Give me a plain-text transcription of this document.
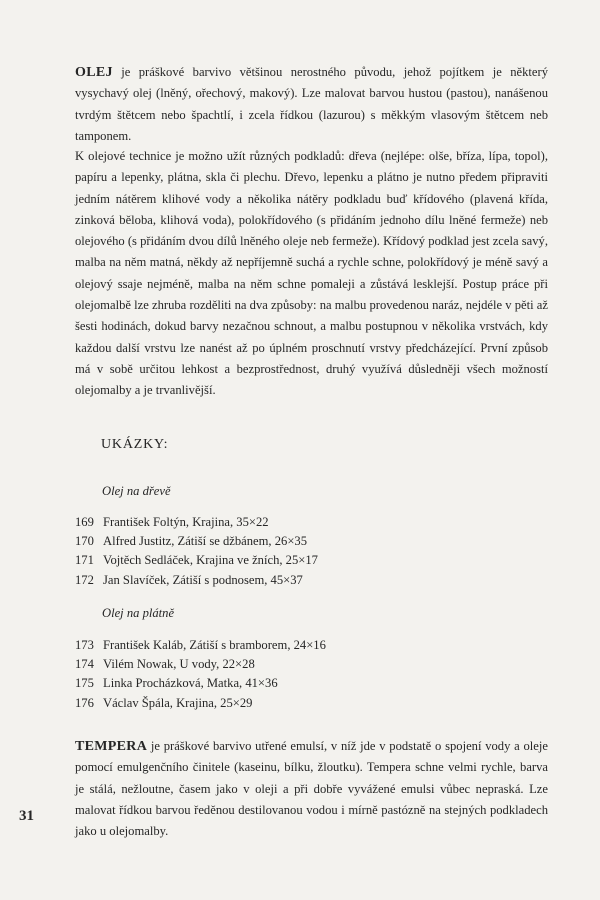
OLEJ je práškové barvivo většinou nerostného původu, jehož pojítkem je některý vysychavý olej (lněný, ořechový, makový). Lze malovat barvou hustou (pastou), nanášenou tvrdým štětcem nebo špachtlí, i zcela řídkou (lazurou) s měkkým vlasovým štětcem neb tamponem.

K olejové technice je možno užít různých podkladů: dřeva (nejlépe: olše, bříza, lípa, topol), papíru a lepenky, plátna, skla či plechu. Dřevo, lepenku a plátno je nutno předem připraviti jedním nátěrem klihové vody a několika nátěry podkladu buď křídového (plavená křída, zinková běloba, klihová voda), polokřídového (s přidáním jednoho dílu lněné fermeže) neb olejového (s přidáním dvou dílů lněného oleje neb fermeže). Křídový podklad jest zcela savý, malba na něm matná, někdy až nepříjemně suchá a rychle schne, polokřídový je méně savý a olejový ssaje nejméně, malba na něm schne pomaleji a zůstává lesklejší. Postup práce při olejomalbě lze zhruba rozděliti na dva způsoby: na malbu provedenou naráz, nejdéle v pěti až šesti hodinách, dokud barvy nezačnou schnout, a malbu postupnou v několika vrstvách, kdy každou další vrstvu lze nanést až po úplném proschnutí vrstvy předcházející. První způsob má v sobě určitou lehkost a bezprostřednost, druhý využívá důsledněji všech možností olejomalby a je trvanlivější.

UKÁZKY:

Olej na dřevě

169 František Foltýn, Krajina, 35×22
170 Alfred Justitz, Zátiší se džbánem, 26×35
171 Vojtěch Sedláček, Krajina ve žních, 25×17
172 Jan Slavíček, Zátiší s podnosem, 45×37

Olej na plátně

173 František Kaláb, Zátiší s bramborem, 24×16
174 Vilém Nowak, U vody, 22×28
175 Linka Procházková, Matka, 41×36
176 Václav Špála, Krajina, 25×29

TEMPERA je práškové barvivo utřené emulsí, v níž jde v podstatě o spojení vody a oleje pomocí emulgenčního činitele (kaseinu, bílku, žloutku). Tempera schne velmi rychle, barva je stálá, nežloutne, časem jako v oleji a při dobře vyvážené emulsi vůbec nepraská. Lze malovat řídkou barvou ředěnou destilovanou vodou i mírně pastózně na stejných podkladech jako u olejomalby.

31
